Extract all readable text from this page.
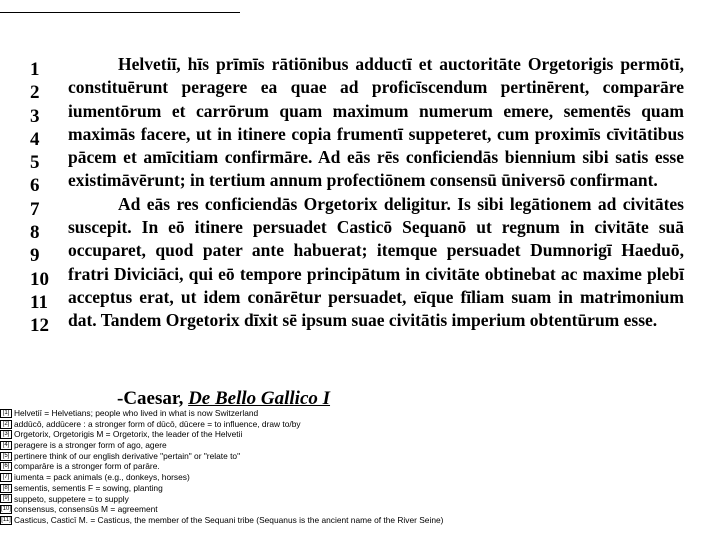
1
2
3
4
5
6
7
8
9
10
11
12

Helvetiī, hīs prīmīs rātiōnibus adductī et auctoritāte Orgetorigis permōtī, constituērunt peragere ea quae ad proficīscendum pertinērent, comparāre iumentōrum et carrōrum quam maximum numerum emere, sementēs quam maximās facere, ut in itinere copia frumentī suppeteret, cum proximīs cīvitātibus pācem et amīcitiam confirmāre. Ad eās rēs conficiendās biennium sibi satis esse existimāvērunt; in tertium annum profectiōnem consensū ūniversō confirmant.

Ad eās res conficiendās Orgetorix deligitur. Is sibi legātionem ad civitātes suscepit. In eō itinere persuadet Casticō Sequanō ut regnum in civitāte suā occuparet, quod pater ante habuerat; itemque persuadet Dumnorigī Haeduō, fratri Diviciāci, qui eō tempore principātum in civitāte obtinebat ac maxime plebī acceptus erat, ut idem conārētur persuadet, eīque fīliam suam in matrimonium dat. Tandem Orgetorix dīxit sē ipsum suae civitātis imperium obtentūrum esse.

-Caesar, De Bello Gallico I
[1] Helvetiī = Helvetians; people who lived in what is now Switzerland
[2] addūcō, addūcere : a stronger form of dūcō, dūcere = to influence, draw to/by
[3] Orgetorix, Orgetorigis M = Orgetorix, the leader of the Helvetii
[4] peragere is a stronger form of ago, agere
[5] pertinere think of our english derivative "pertain" or "relate to"
[6] comparāre is a stronger form of parāre.
[7] iumenta = pack animals (e.g., donkeys, horses)
[8] sementis, sementis F = sowing, planting
[9] suppeto, suppetere = to supply
[10] consensus, consensūs M = agreement
[11] Casticus, Casticī M. = Casticus, the member of the Sequani tribe (Sequanus is the ancient name of the River Seine)
